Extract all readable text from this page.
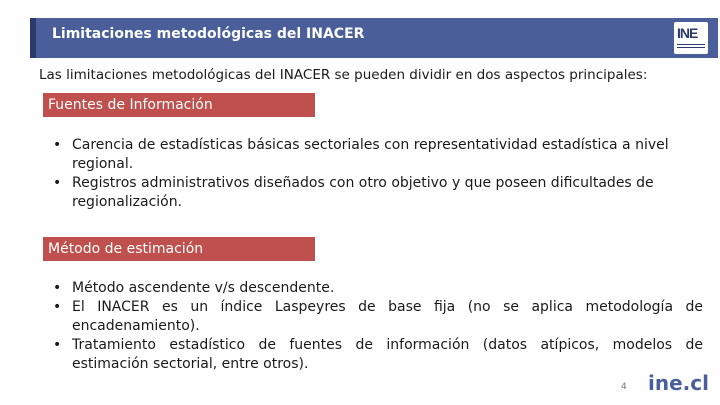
Limitaciones metodológicas del INACER	INE
Las limitaciones metodológicas del INACER se pueden dividir en dos aspectos principales:
Fuentes de Información
• Carencia de estadísticas básicas sectoriales con representatividad estadística a nivel regional.
• Registros administrativos diseñados con otro objetivo y que poseen dificultades de regionalización.
Método de estimación
• Método ascendente v/s descendente.
• El INACER es un índice Laspeyres de base fija (no se aplica metodología de encadenamiento).
• Tratamiento estadístico de fuentes de información (datos atípicos, modelos de estimación sectorial, entre otros).
4 ine.cl
